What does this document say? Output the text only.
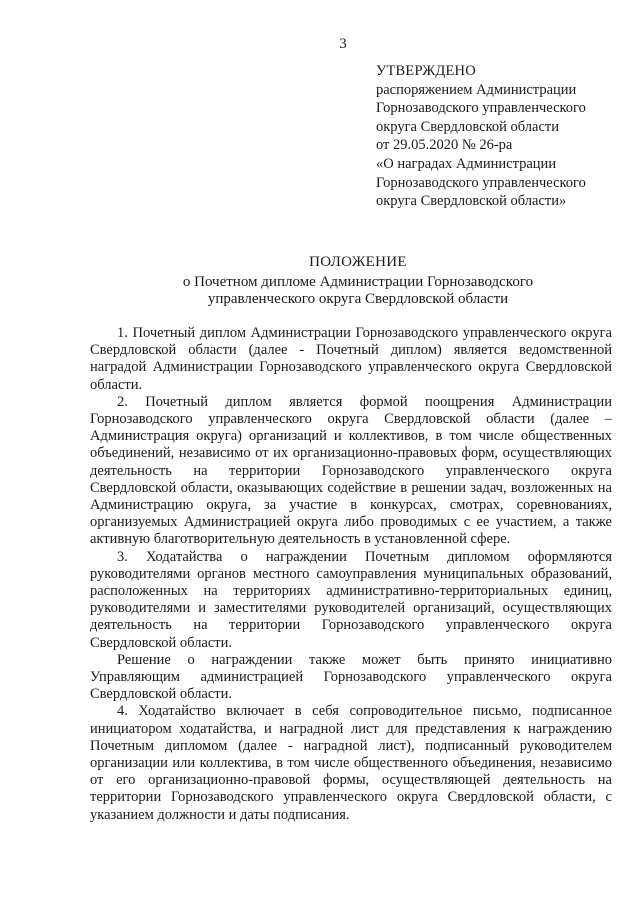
3
УТВЕРЖДЕНО
распоряжением Администрации
Горнозаводского управленческого
округа Свердловской области
от 29.05.2020 № 26-ра
«О наградах Администрации
Горнозаводского управленческого
округа Свердловской области»
ПОЛОЖЕНИЕ
о Почетном дипломе Администрации Горнозаводского
управленческого округа Свердловской области

1. Почетный диплом Администрации Горнозаводского управленческого округа Свердловской области (далее - Почетный диплом) является ведомственной наградой Администрации Горнозаводского управленческого округа Свердловской области.

2. Почетный диплом является формой поощрения Администрации Горнозаводского управленческого округа Свердловской области (далее – Администрация округа) организаций и коллективов, в том числе общественных объединений, независимо от их организационно-правовых форм, осуществляющих деятельность на территории Горнозаводского управленческого округа Свердловской области, оказывающих содействие в решении задач, возложенных на Администрацию округа, за участие в конкурсах, смотрах, соревнованиях, организуемых Администрацией округа либо проводимых с ее участием, а также активную благотворительную деятельность в установленной сфере.

3. Ходатайства о награждении Почетным дипломом оформляются руководителями органов местного самоуправления муниципальных образований, расположенных на территориях административно-территориальных единиц, руководителями и заместителями руководителей организаций, осуществляющих деятельность на территории Горнозаводского управленческого округа Свердловской области.

Решение о награждении также может быть принято инициативно Управляющим администрацией Горнозаводского управленческого округа Свердловской области.

4. Ходатайство включает в себя сопроводительное письмо, подписанное инициатором ходатайства, и наградной лист для представления к награждению Почетным дипломом (далее - наградной лист), подписанный руководителем организации или коллектива, в том числе общественного объединения, независимо от его организационно-правовой формы, осуществляющей деятельность на территории Горнозаводского управленческого округа Свердловской области, с указанием должности и даты подписания.
